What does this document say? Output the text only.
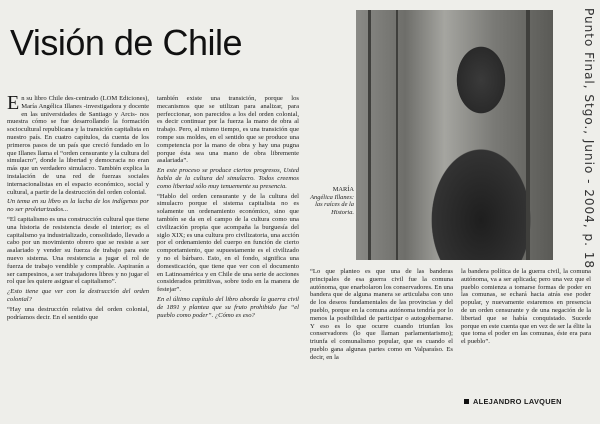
Visión de Chile
E n su libro Chile des-centrado (LOM Ediciones), María Angélica Illanes -investigadora y docente en las universidades de Santiago y Arcis- nos muestra cómo se fue desarrollando la formación sociocultural republicana y la transición capitalista en nuestro país. En cuatro capítulos, da cuenta de los primeros pasos de un país que creció fundado en lo que Illanes llama el “orden censurante y la cultura del simulacro”, donde la libertad y democracia no eran más que un verdadero simulacro. También explica la instalación de una red de fuerzas sociales internacionalistas en el espacio económico, social y cultural, a partir de la destrucción del orden colonial.

Un tema en su libro es la lucha de los indígenas por no ser proletarizados...

“El capitalismo es una construcción cultural que tiene una historia de resistencia desde el interior; es el capitalismo ya industrializado, consolidado, llevado a cabo por un movimiento obrero que se resiste a ser asalariado y vender su fuerza de trabajo para este nuevo sistema. Una resistencia a jugar el rol de fuerza de trabajo vendible y comprable. Aspirarán a ser campesinos, a ser trabajadores libres y no jugar el rol que les quiere asignar el capitalismo”.

¿Esto tiene que ver con la destrucción del orden colonial?

“Hay una destrucción relativa del orden colonial, podríamos decir. En el sentido que

también existe una transición, porque los mecanismos que se utilizan para analizar, para perfeccionar, son parecidos a los del orden colonial, es decir continuar por la fuerza la mano de obra al trabajo. Pero, al mismo tiempo, es una transición que rompe sus moldes, en el sentido que se produce una competencia por la mano de obra y hay una pugna porque ésta sea una mano de obra libremente asalariada”.

En este proceso se produce ciertos progresos, Usted habla de la cultura del simulacro. Todos creemos como libertad sólo muy tenuemente su presencia.

“Hablo del orden censurante y de la cultura del simulacro porque el sistema capitalista no es solamente un ordenamiento económico, sino que también se da en el campo de la cultura como una civilización propia que acompaña la burguesía del siglo XIX; es una cultura pro civilizatoria, una acción por el ordenamiento del cuerpo en función de cierto comportamiento, que supuestamente es el civilizado y no el bárbaro. Esto, en el fondo, significa una domesticación, que tiene que ver con el documento en Latinoamérica y en Chile de una serie de acciones considerados primitivas, sobre todo en la manera de festejar”.

En el último capítulo del libro aborda la guerra civil de 1891 y plantea que su fruto prohibido fue “el pueblo como poder”. ¿Cómo es eso?

MARÍA Angélica Illanes: las raíces de la Historia.	Punto Final, Stgo., Junio - 2004, p. 18

“Lo que planteo es que una de las banderas principales de esa guerra civil fue la comuna autónoma, que enarbolaron los conservadores. En una bandera que de alguna manera se articulaba con uno de los deseos fundamentales de las provincias y del pueblo, porque en la comuna autónoma tendría por lo menos la posibilidad de participar o autogobernarse. Y eso es lo que ocurre cuando triunfan los conservadores (lo que llaman parlamentarismo); triunfa el comunalismo popular, que es cuando el pueblo gana algunas partes como en Valparaíso. Es decir, en la

la bandera política de la guerra civil, la comuna autónoma, va a ser aplicada; pero una vez que el pueblo comienza a tomarse formas de poder en las comunas, se echará hacia atrás ese poder popular, y nuevamente estaremos en presencia de un orden censurante y de una negación de la libertad que se había conquistado. Sucede porque en este cuenta que en vez de ser la élite la que toma el poder en las comunas, éste era para el pueblo”.

ALEJANDRO LAVQUEN
